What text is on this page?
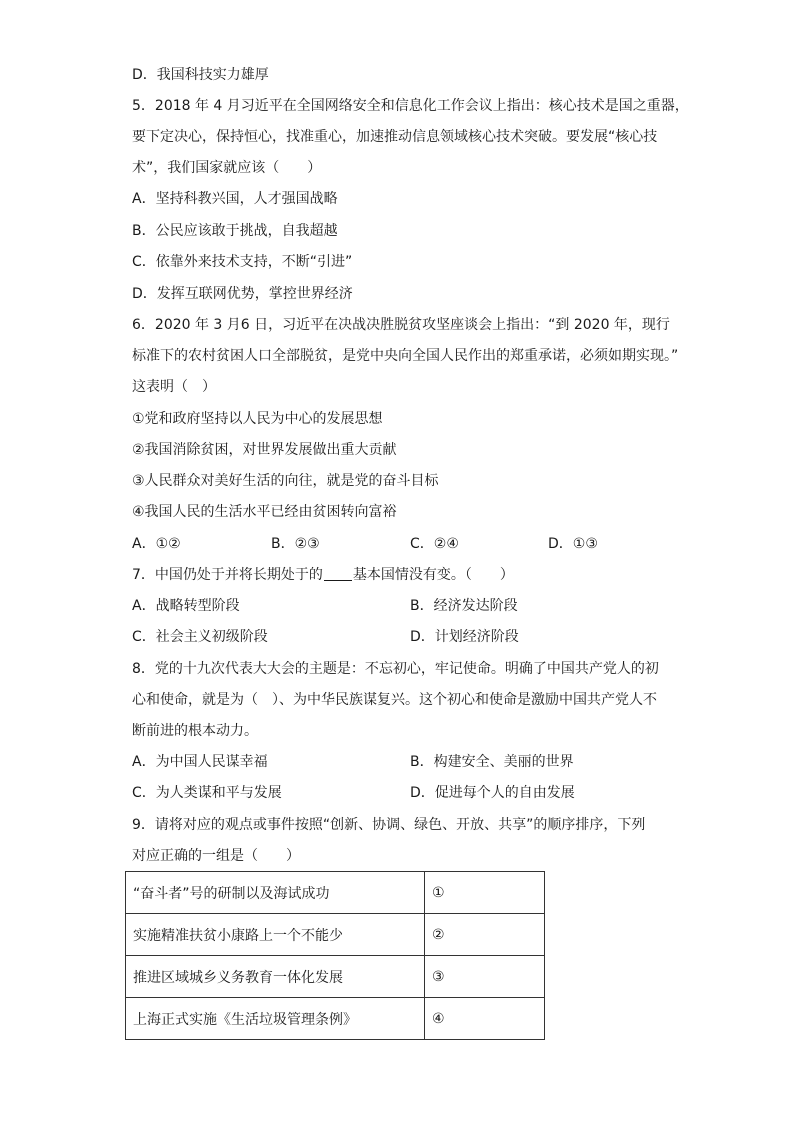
D．我国科技实力雄厚
5．2018 年 4 月习近平在全国网络安全和信息化工作会议上指出：核心技术是国之重器，
要下定决心，保持恒心，找准重心，加速推动信息领域核心技术突破。要发展“核心技
术”，我们国家就应该（　　）
A．坚持科教兴国，人才强国战略
B．公民应该敢于挑战，自我超越
C．依靠外来技术支持，不断“引进”
D．发挥互联网优势，掌控世界经济
6．2020 年 3 月6 日，习近平在决战决胜脱贫攻坚座谈会上指出：“到 2020 年，现行
标准下的农村贫困人口全部脱贫，是党中央向全国人民作出的郑重承诺，必须如期实现。”
这表明（　）
①党和政府坚持以人民为中心的发展思想
②我国消除贫困，对世界发展做出重大贡献
③人民群众对美好生活的向往，就是党的奋斗目标
④我国人民的生活水平已经由贫困转向富裕
A．①②	B．②③	C．②④	D．①③
7．中国仍处于并将长期处于的 基本国情没有变。（　　）
A．战略转型阶段	B．经济发达阶段
C．社会主义初级阶段	D．计划经济阶段
8．党的十九次代表大大会的主题是：不忘初心，牢记使命。明确了中国共产党人的初
心和使命，就是为（　）、为中华民族谋复兴。这个初心和使命是激励中国共产党人不
断前进的根本动力。
A．为中国人民谋幸福	B．构建安全、美丽的世界
C．为人类谋和平与发展	D．促进每个人的自由发展
9．请将对应的观点或事件按照“创新、协调、绿色、开放、共享”的顺序排序，下列
对应正确的一组是（　　）
“奋斗者”号的研制以及海试成功	①
实施精准扶贫小康路上一个不能少	②
推进区域城乡义务教育一体化发展	③
上海正式实施《生活垃圾管理条例》	④
